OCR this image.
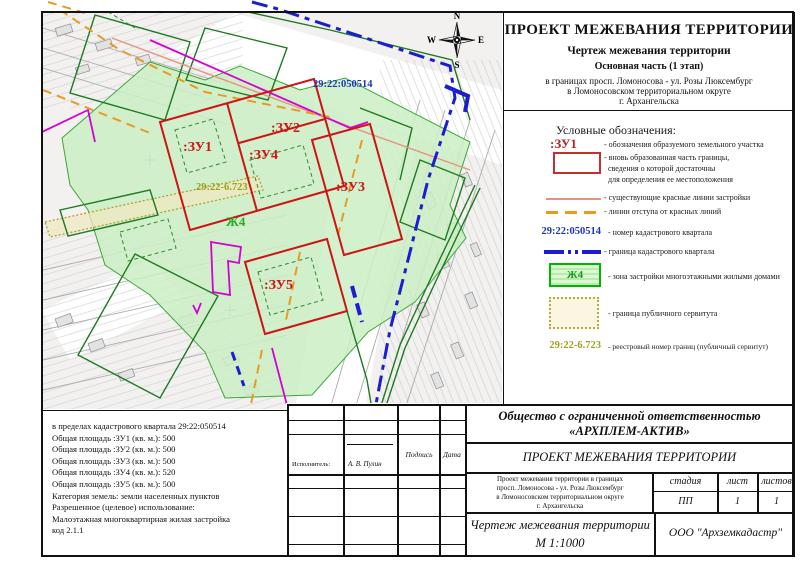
:ЗУ1
:ЗУ2
:ЗУ3
:ЗУ4
:ЗУ5
Ж4
29:22:050514
29:22-6.723
N
S
W	E
ПРОЕКТ МЕЖЕВАНИЯ ТЕРРИТОРИИ
Чертеж межевания территории
Основная часть (1 этап)
в границах просп. Ломоносова - ул. Розы Люксембург
в Ломоносовском территориальном округе
г. Архангельска
Условные обозначения:
:ЗУ1	- обозначения образуемого земельного участка
- вновь образованная часть границы,
сведения о которой достаточны
для определения ее местоположения
- существующие красные линии застройки
- линии отступа от красных линий
29:22:050514 - номер кадастрового квартала
- граница кадастрового квартала
Ж4	- зона застройки многоэтажными жилыми домами
- граница публичного сервитута
29:22-6.723 - реестровый номер границ (публичный сервитут)
в пределах кадастрового квартала 29:22:050514
Общая площадь :ЗУ1 (кв. м.): 500
Общая площадь :ЗУ2 (кв. м.): 500
Общая площадь :ЗУ3 (кв. м.): 500
Общая площадь :ЗУ4 (кв. м.): 520
Общая площадь :ЗУ5 (кв. м.): 500
Категория земель: земли населенных пунктов
Разрешенное (целевое) использование:
Малоэтажная многоквартирная жилая застройка
код 2.1.1
Исполнитель:	А. В. Пулин
Подпись	Дата
Общество с ограниченной ответственностью
«АРХПЛЕМ-АКТИВ»
ПРОЕКТ МЕЖЕВАНИЯ ТЕРРИТОРИИ
Проект межевания территории в границах
просп. Ломоносова - ул. Розы Люксембург
в Ломоносовском территориальном округе
г. Архангельска
стадия	лист	листов
ПП	1	1
Чертеж межевания территории
М 1:1000
ООО "Архземкадастр"
